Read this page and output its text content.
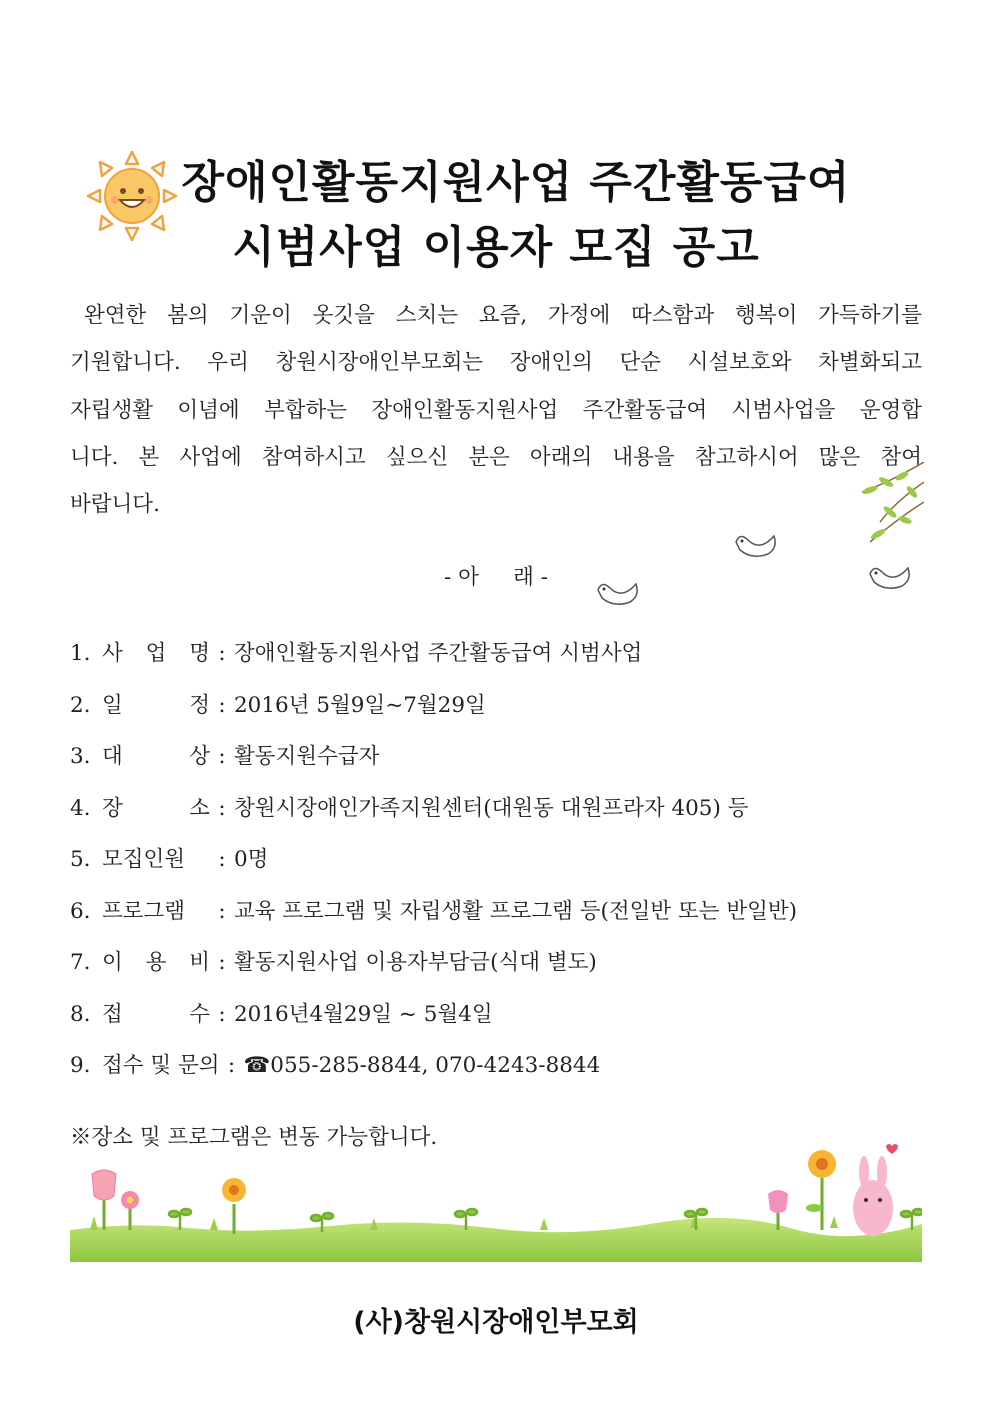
장애인활동지원사업 주간활동급여
시범사업 이용자 모집 공고
완연한 봄의 기운이 옷깃을 스치는 요즘, 가정에 따스함과 행복이 가득하기를
기원합니다. 우리 창원시장애인부모회는 장애인의 단순 시설보호와 차별화되고
자립생활 이념에 부합하는 장애인활동지원사업 주간활동급여 시범사업을 운영합
니다. 본 사업에 참여하시고 싶으신 분은 아래의 내용을 참고하시어 많은 참여
바랍니다.
- 아     래 -
1. 사 업 명 : 장애인활동지원사업 주간활동급여 시범사업
2. 일	정 : 2016년 5월9일~7월29일
3. 대	상 : 활동지원수급자
4. 장	소 : 창원시장애인가족지원센터(대원동 대원프라자 405) 등
5. 모집인원	: 0명
6. 프로그램	: 교육 프로그램 및 자립생활 프로그램 등(전일반 또는 반일반)
7. 이 용 비 : 활동지원사업 이용자부담금(식대 별도)
8. 접	수 : 2016년4월29일 ~ 5월4일
9. 접수 및 문의 : ☎055-285-8844, 070-4243-8844
※장소 및 프로그램은 변동 가능합니다.
(사)창원시장애인부모회
